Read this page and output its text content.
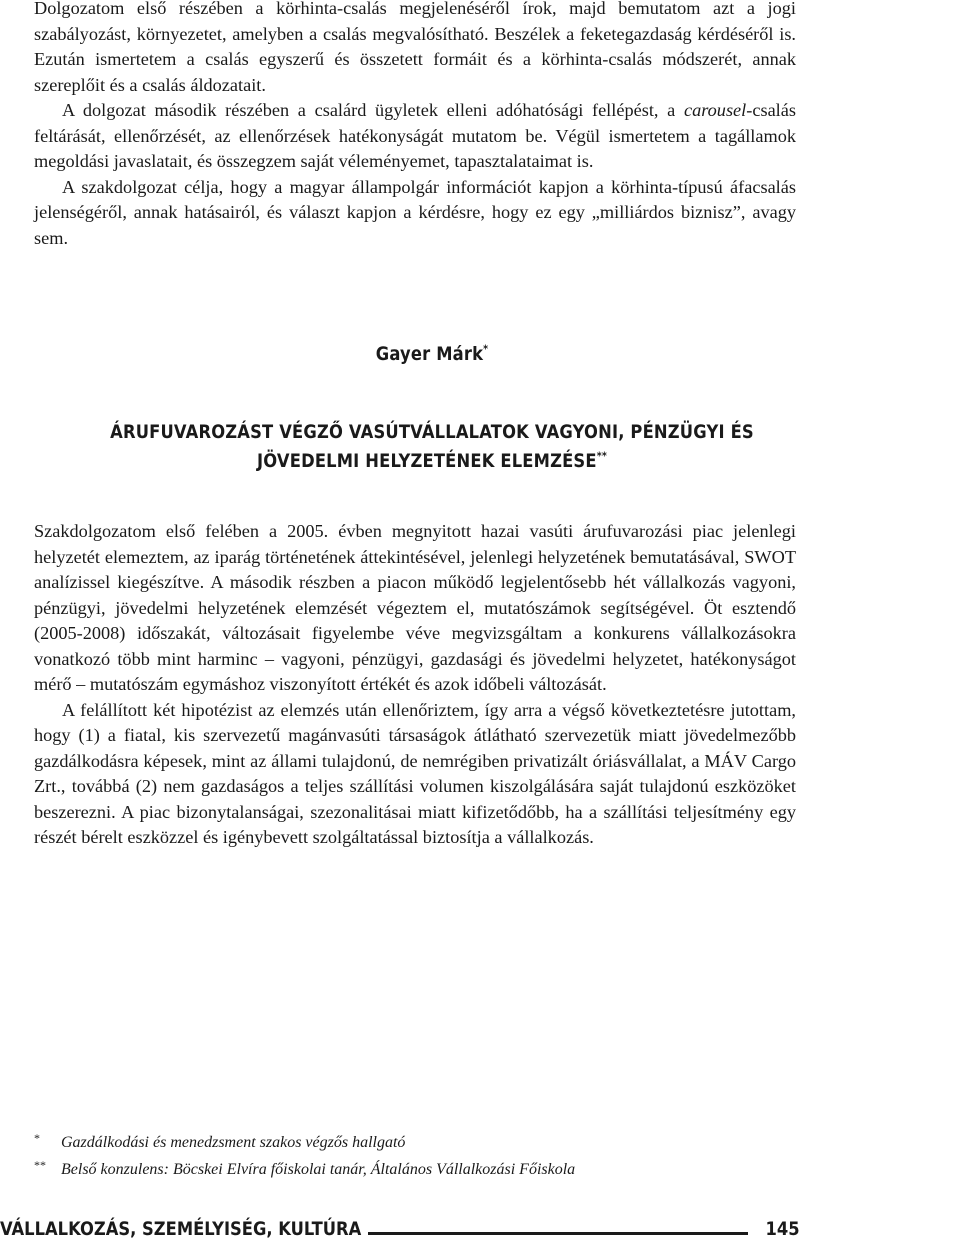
Dolgozatom első részében a körhinta-csalás megjelenéséről írok, majd bemutatom azt a jogi szabályozást, környezetet, amelyben a csalás megvalósítható. Beszélek a feketegazdaság kérdéséről is. Ezután ismertetem a csalás egyszerű és összetett formáit és a körhinta-csalás módszerét, annak szereplőit és a csalás áldozatait.

A dolgozat második részében a csalárd ügyletek elleni adóhatósági fellépést, a carousel-csalás feltárását, ellenőrzését, az ellenőrzések hatékonyságát mutatom be. Végül ismertetem a tagállamok megoldási javaslatait, és összegzem saját véleményemet, tapasztalataimat is.

A szakdolgozat célja, hogy a magyar állampolgár információt kapjon a körhinta-típusú áfacsalás jelenségéről, annak hatásairól, és választ kapjon a kérdésre, hogy ez egy „milliárdos biznisz”, avagy sem.

Gayer Márk*
ÁRUFUVAROZÁST VÉGZŐ VASÚTVÁLLALATOK VAGYONI, PÉNZÜGYI ÉS
JÖVEDELMI HELYZETÉNEK ELEMZÉSE**

Szakdolgozatom első felében a 2005. évben megnyitott hazai vasúti árufuvarozási piac jelenlegi helyzetét elemeztem, az iparág történetének áttekintésével, jelenlegi helyzetének bemutatásával, SWOT analízissel kiegészítve. A második részben a piacon működő legjelentősebb hét vállalkozás vagyoni, pénzügyi, jövedelmi helyzetének elemzését végeztem el, mutatószámok segítségével. Öt esztendő (2005-2008) időszakát, változásait figyelembe véve megvizsgáltam a konkurens vállalkozásokra vonatkozó több mint harminc – vagyoni, pénzügyi, gazdasági és jövedelmi helyzetet, hatékonyságot mérő – mutatószám egymáshoz viszonyított értékét és azok időbeli változását.

A felállított két hipotézist az elemzés után ellenőriztem, így arra a végső következtetésre jutottam, hogy (1) a fiatal, kis szervezetű magánvasúti társaságok átlátható szervezetük miatt jövedelmezőbb gazdálkodásra képesek, mint az állami tulajdonú, de nemrégiben privatizált óriásvállalat, a MÁV Cargo Zrt., továbbá (2) nem gazdaságos a teljes szállítási volumen kiszolgálására saját tulajdonú eszközöket beszerezni. A piac bizonytalanságai, szezonalitásai miatt kifizetődőbb, ha a szállítási teljesítmény egy részét bérelt eszközzel és igénybevett szolgáltatással biztosítja a vállalkozás.

* Gazdálkodási és menedzsment szakos végzős hallgató
** Belső konzulens: Böcskei Elvíra főiskolai tanár, Általános Vállalkozási Főiskola
VÁLLALKOZÁS, SZEMÉLYISÉG, KULTÚRA	145
